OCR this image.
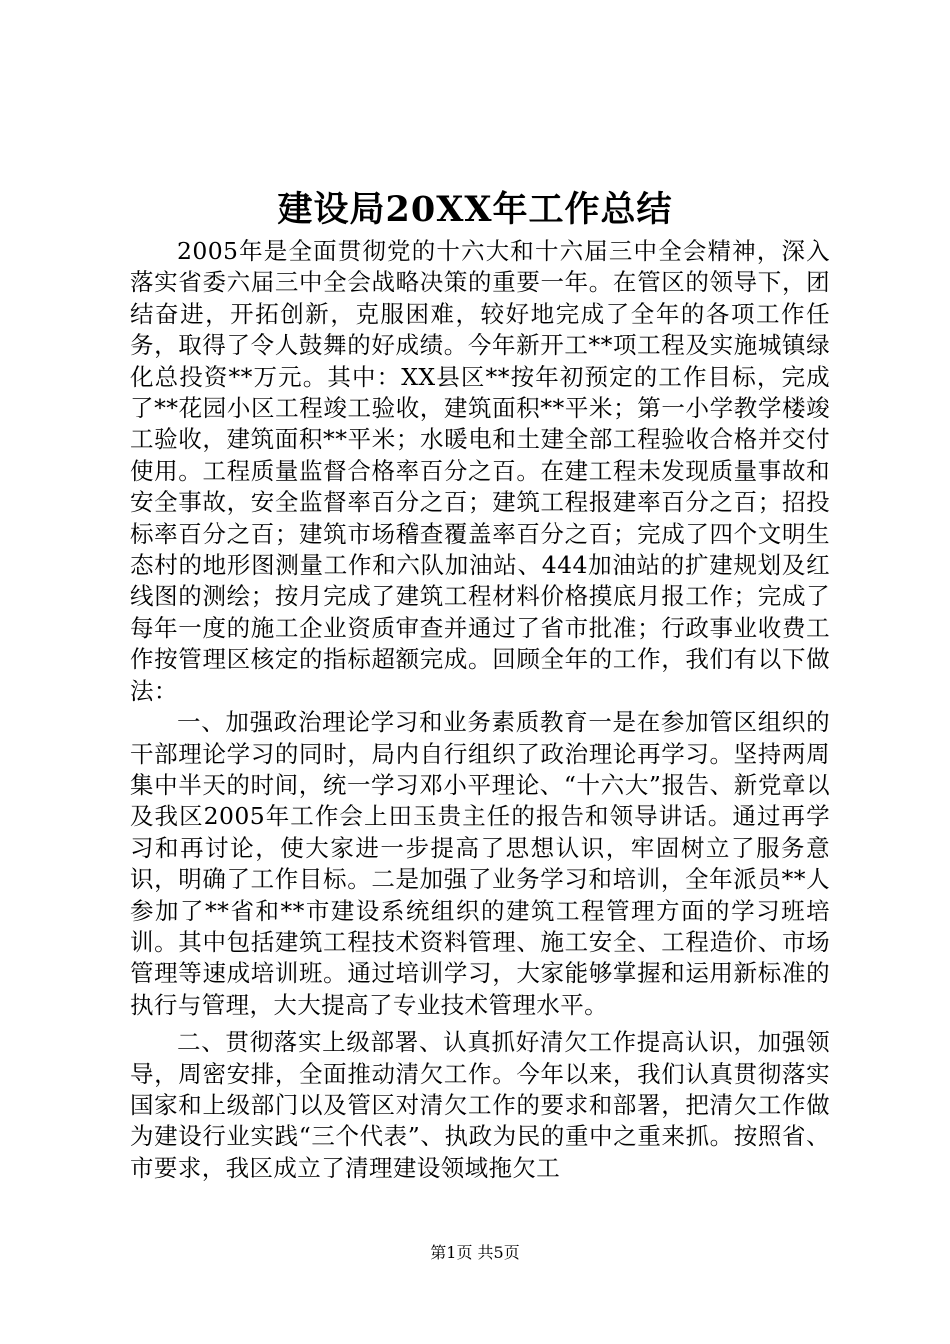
建设局20XX年工作总结

2005年是全面贯彻党的十六大和十六届三中全会精神，深入落实省委六届三中全会战略决策的重要一年。在管区的领导下，团结奋进，开拓创新，克服困难，较好地完成了全年的各项工作任务，取得了令人鼓舞的好成绩。今年新开工**项工程及实施城镇绿化总投资**万元。其中：XX县区**按年初预定的工作目标，完成了**花园小区工程竣工验收，建筑面积**平米；第一小学教学楼竣工验收，建筑面积**平米；水暖电和土建全部工程验收合格并交付使用。工程质量监督合格率百分之百。在建工程未发现质量事故和安全事故，安全监督率百分之百；建筑工程报建率百分之百；招投标率百分之百；建筑市场稽查覆盖率百分之百；完成了四个文明生态村的地形图测量工作和六队加油站、444加油站的扩建规划及红线图的测绘；按月完成了建筑工程材料价格摸底月报工作；完成了每年一度的施工企业资质审查并通过了省市批准；行政事业收费工作按管理区核定的指标超额完成。回顾全年的工作，我们有以下做法：

一、加强政治理论学习和业务素质教育一是在参加管区组织的干部理论学习的同时，局内自行组织了政治理论再学习。坚持两周集中半天的时间，统一学习邓小平理论、“十六大”报告、新党章以及我区2005年工作会上田玉贵主任的报告和领导讲话。通过再学习和再讨论，使大家进一步提高了思想认识，牢固树立了服务意识，明确了工作目标。二是加强了业务学习和培训，全年派员**人参加了**省和**市建设系统组织的建筑工程管理方面的学习班培训。其中包括建筑工程技术资料管理、施工安全、工程造价、市场管理等速成培训班。通过培训学习，大家能够掌握和运用新标准的执行与管理，大大提高了专业技术管理水平。

二、贯彻落实上级部署、认真抓好清欠工作提高认识，加强领导，周密安排，全面推动清欠工作。今年以来，我们认真贯彻落实国家和上级部门以及管区对清欠工作的要求和部署，把清欠工作做为建设行业实践“三个代表”、执政为民的重中之重来抓。按照省、市要求，我区成立了清理建设领域拖欠工

第1页 共5页
